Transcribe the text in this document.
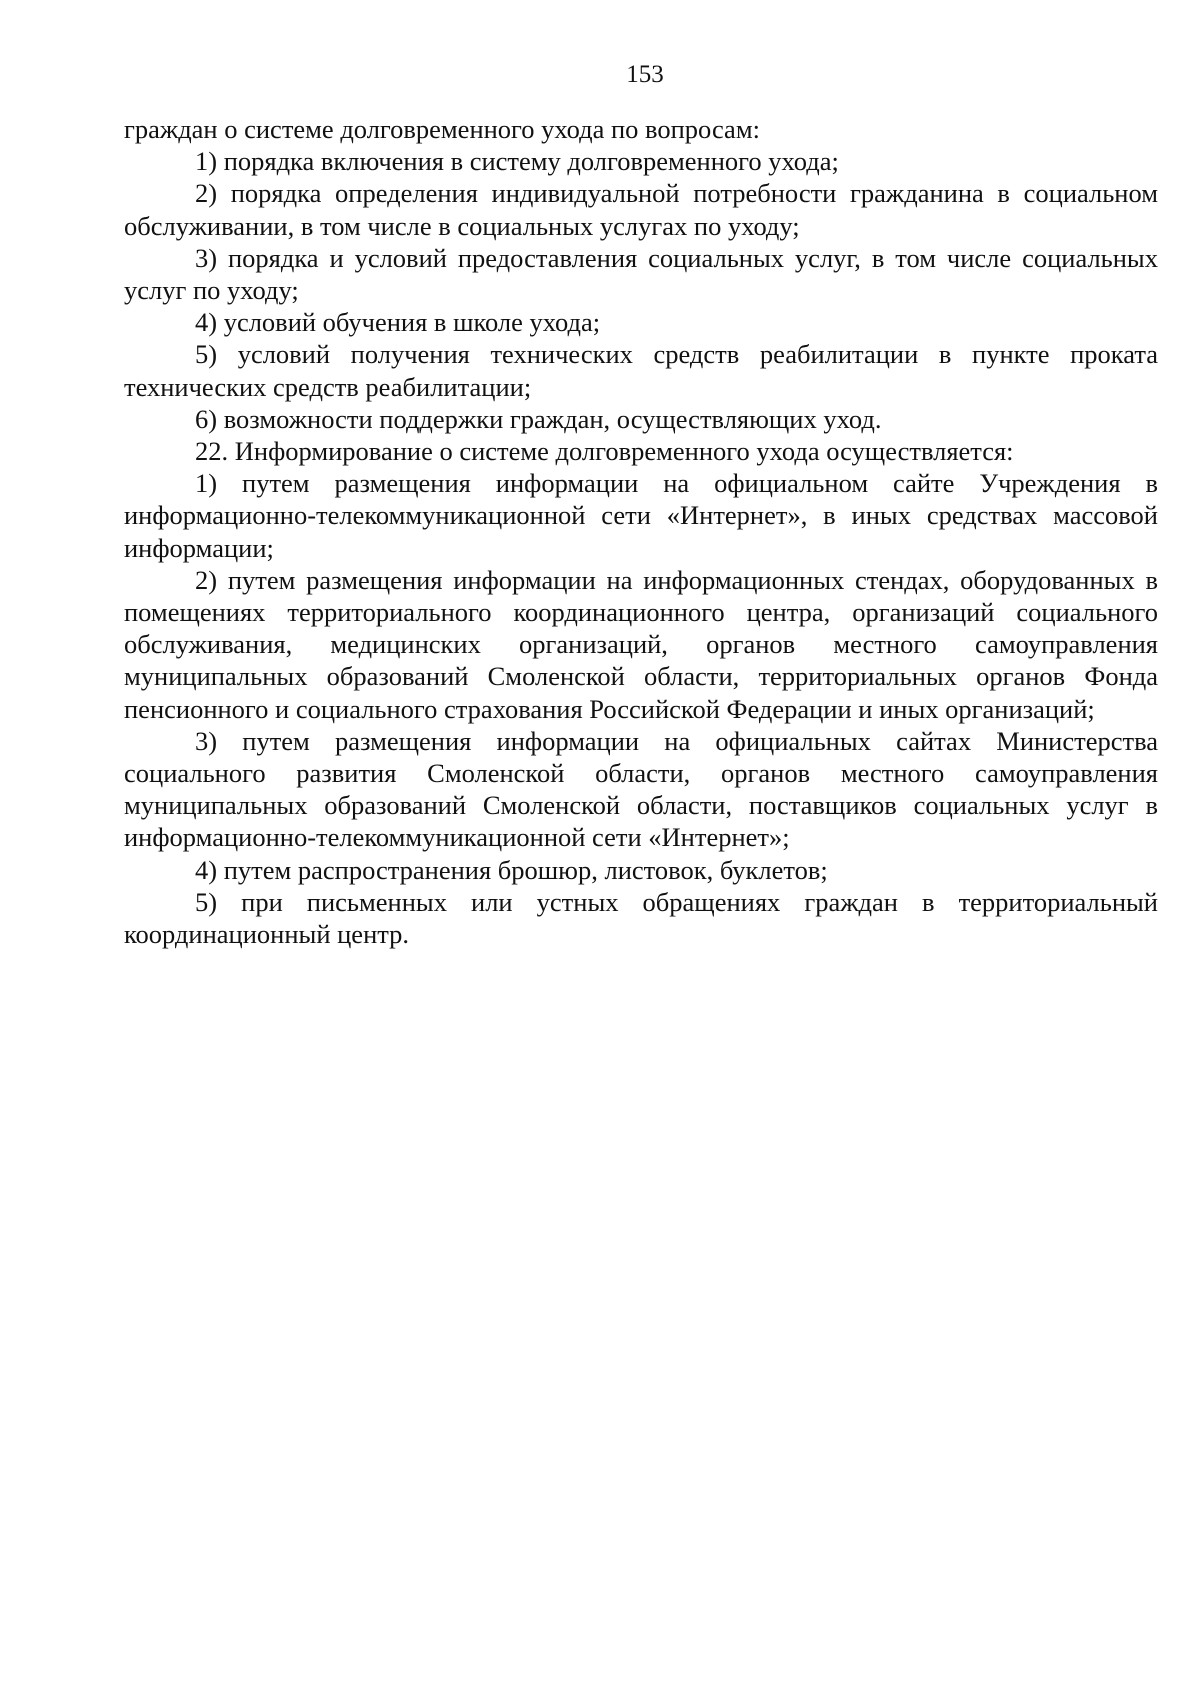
153

граждан о системе долговременного ухода по вопросам:

1) порядка включения в систему долговременного ухода;

2) порядка определения индивидуальной потребности гражданина в социальном обслуживании, в том числе в социальных услугах по уходу;

3) порядка и условий предоставления социальных услуг, в том числе социальных услуг по уходу;

4) условий обучения в школе ухода;

5) условий получения технических средств реабилитации в пункте проката технических средств реабилитации;

6) возможности поддержки граждан, осуществляющих уход.

22. Информирование о системе долговременного ухода осуществляется:

1) путем размещения информации на официальном сайте Учреждения в информационно-телекоммуникационной сети «Интернет», в иных средствах массовой информации;

2) путем размещения информации на информационных стендах, оборудованных в помещениях территориального координационного центра, организаций социального обслуживания, медицинских организаций, органов местного самоуправления муниципальных образований Смоленской области, территориальных органов Фонда пенсионного и социального страхования Российской Федерации и иных организаций;

3) путем размещения информации на официальных сайтах Министерства социального развития Смоленской области, органов местного самоуправления муниципальных образований Смоленской области, поставщиков социальных услуг в информационно-телекоммуникационной сети «Интернет»;

4) путем распространения брошюр, листовок, буклетов;

5) при письменных или устных обращениях граждан в территориальный координационный центр.
